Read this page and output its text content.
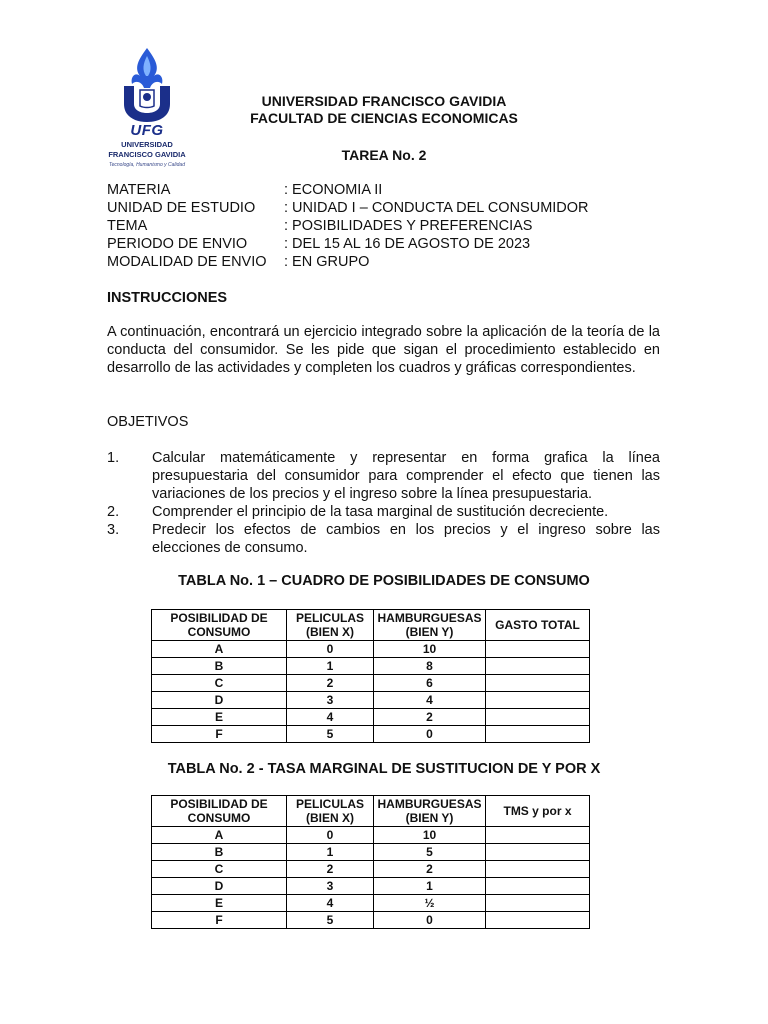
UFG
UNIVERSIDAD
FRANCISCO GAVIDIA
Tecnología, Humanismo y Calidad
UNIVERSIDAD FRANCISCO GAVIDIA
FACULTAD DE CIENCIAS ECONOMICAS
TAREA No. 2
MATERIA	: ECONOMIA II
UNIDAD DE ESTUDIO	: UNIDAD I – CONDUCTA DEL CONSUMIDOR
TEMA	: POSIBILIDADES Y PREFERENCIAS
PERIODO DE ENVIO	: DEL 15 AL 16 DE AGOSTO DE 2023
MODALIDAD DE ENVIO	: EN GRUPO
INSTRUCCIONES
A continuación, encontrará un ejercicio integrado sobre la aplicación de la teoría de la conducta del consumidor. Se les pide que sigan el procedimiento establecido en desarrollo de las actividades y completen los cuadros y gráficas correspondientes.
OBJETIVOS
1.	Calcular matemáticamente y representar en forma grafica la línea presupuestaria del consumidor para comprender el efecto que tienen las variaciones de los precios y el ingreso sobre la línea presupuestaria.
2.	Comprender el principio de la tasa marginal de sustitución decreciente.
3.	Predecir los efectos de cambios en los precios y el ingreso sobre las elecciones de consumo.
TABLA No. 1 – CUADRO DE POSIBILIDADES DE CONSUMO
POSIBILIDAD DE CONSUMO	PELICULAS (BIEN X)	HAMBURGUESAS (BIEN Y)	GASTO TOTAL
A	0	10	
B	1	8	
C	2	6	
D	3	4	
E	4	2	
F	5	0	
TABLA No. 2 - TASA MARGINAL DE SUSTITUCION DE Y POR X
POSIBILIDAD DE CONSUMO	PELICULAS (BIEN X)	HAMBURGUESAS (BIEN Y)	TMS y por x
A	0	10	
B	1	5	
C	2	2	
D	3	1	
E	4	½	
F	5	0	
